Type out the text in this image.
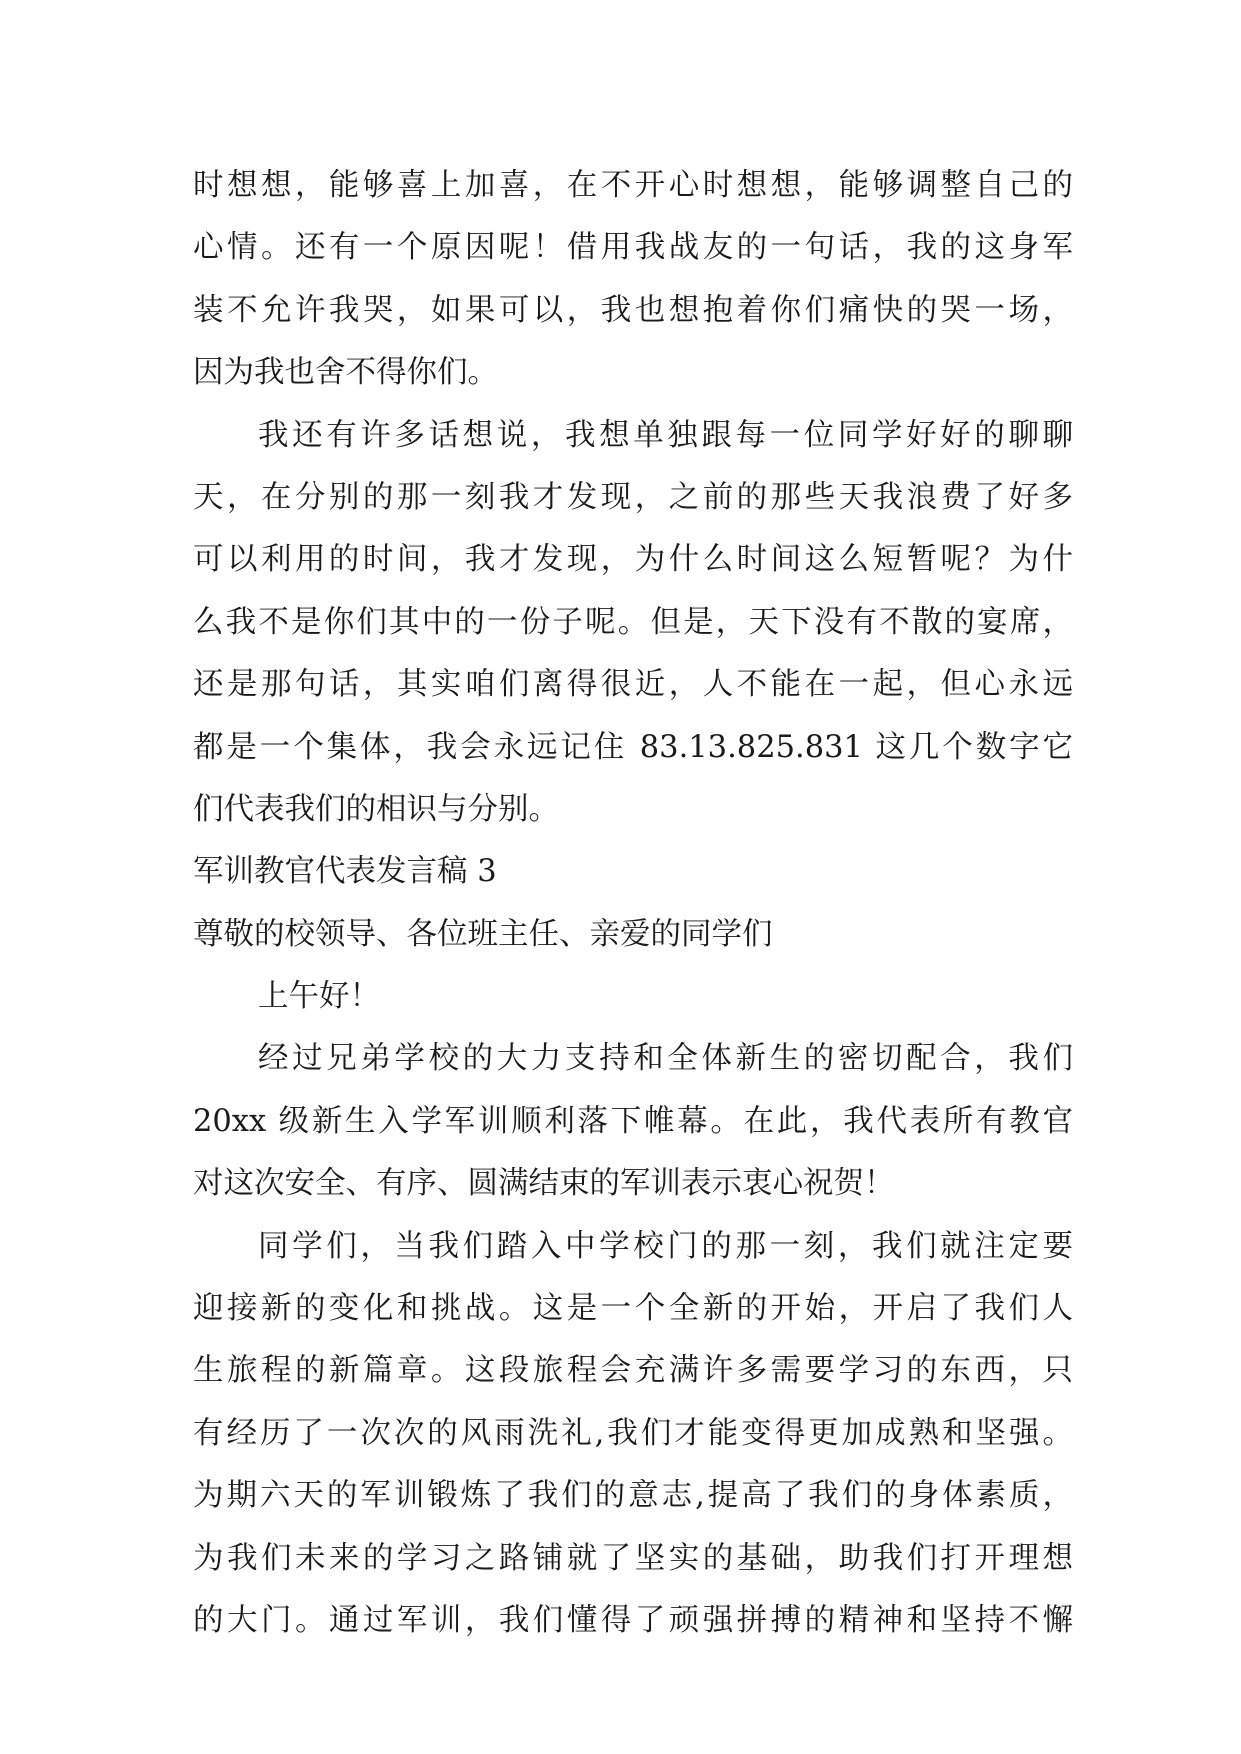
时想想，能够喜上加喜，在不开心时想想，能够调整自己的
心情。还有一个原因呢！借用我战友的一句话，我的这身军
装不允许我哭，如果可以，我也想抱着你们痛快的哭一场，
因为我也舍不得你们。
我还有许多话想说，我想单独跟每一位同学好好的聊聊
天，在分别的那一刻我才发现，之前的那些天我浪费了好多
可以利用的时间，我才发现，为什么时间这么短暂呢？为什
么我不是你们其中的一份子呢。但是，天下没有不散的宴席，
还是那句话，其实咱们离得很近，人不能在一起，但心永远
都是一个集体，我会永远记住 83.13.825.831 这几个数字它
们代表我们的相识与分别。
军训教官代表发言稿 3
尊敬的校领导、各位班主任、亲爱的同学们
上午好！
经过兄弟学校的大力支持和全体新生的密切配合，我们
20xx 级新生入学军训顺利落下帷幕。在此，我代表所有教官
对这次安全、有序、圆满结束的军训表示衷心祝贺！
同学们，当我们踏入中学校门的那一刻，我们就注定要
迎接新的变化和挑战。这是一个全新的开始，开启了我们人
生旅程的新篇章。这段旅程会充满许多需要学习的东西，只
有经历了一次次的风雨洗礼,我们才能变得更加成熟和坚强。
为期六天的军训锻炼了我们的意志,提高了我们的身体素质，
为我们未来的学习之路铺就了坚实的基础，助我们打开理想
的大门。通过军训，我们懂得了顽强拼搏的精神和坚持不懈
